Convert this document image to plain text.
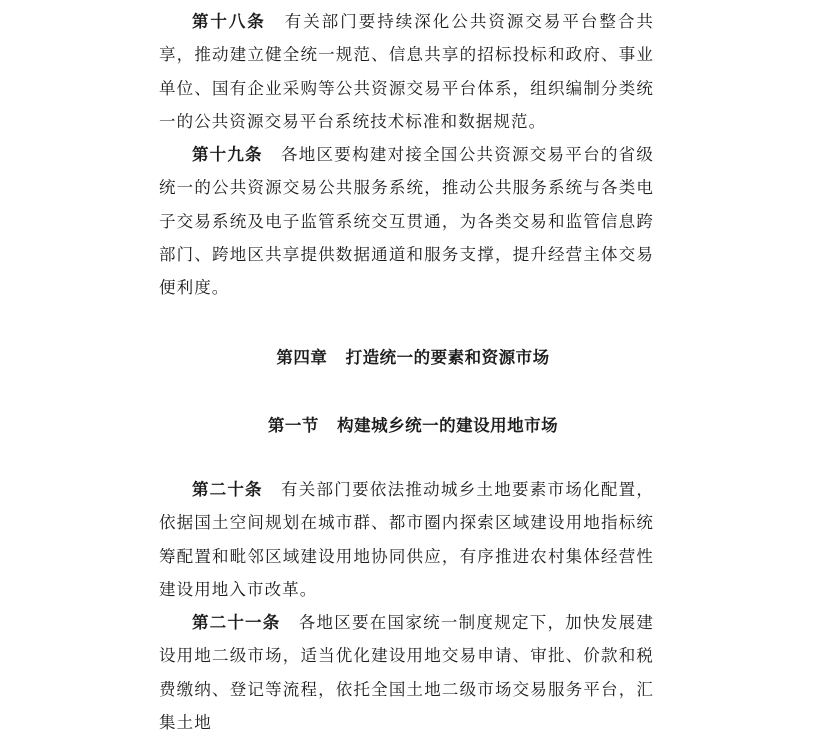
第十八条 有关部门要持续深化公共资源交易平台整合共享，推动建立健全统一规范、信息共享的招标投标和政府、事业单位、国有企业采购等公共资源交易平台体系，组织编制分类统一的公共资源交易平台系统技术标准和数据规范。

第十九条 各地区要构建对接全国公共资源交易平台的省级统一的公共资源交易公共服务系统，推动公共服务系统与各类电子交易系统及电子监管系统交互贯通，为各类交易和监管信息跨部门、跨地区共享提供数据通道和服务支撑，提升经营主体交易便利度。

第四章 打造统一的要素和资源市场
第一节 构建城乡统一的建设用地市场

第二十条 有关部门要依法推动城乡土地要素市场化配置，依据国土空间规划在城市群、都市圈内探索区域建设用地指标统筹配置和毗邻区域建设用地协同供应，有序推进农村集体经营性建设用地入市改革。

第二十一条 各地区要在国家统一制度规定下，加快发展建设用地二级市场，适当优化建设用地交易申请、审批、价款和税费缴纳、登记等流程，依托全国土地二级市场交易服务平台，汇集土地
